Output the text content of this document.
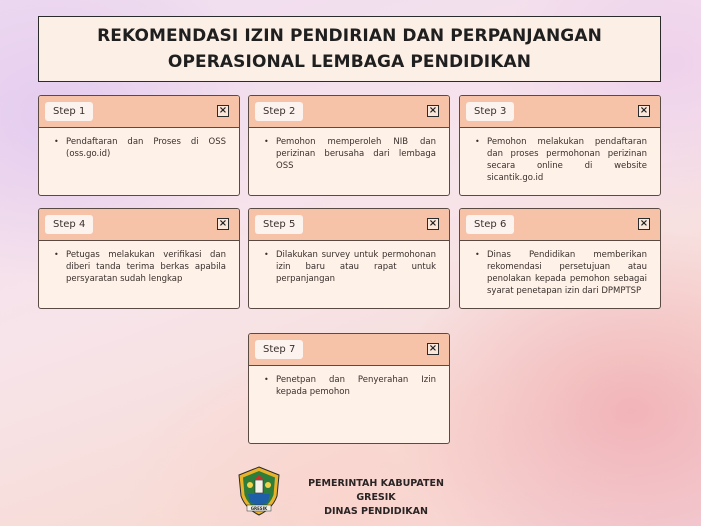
REKOMENDASI IZIN PENDIRIAN DAN PERPANJANGAN
OPERASIONAL LEMBAGA PENDIDIKAN
Step 1	×
• Pendaftaran dan Proses di OSS (oss.go.id)
Step 2	×
• Pemohon memperoleh NIB dan perizinan berusaha dari lembaga OSS
Step 3	×
• Pemohon melakukan pendaftaran dan proses permohonan perizinan secara online di website sicantik.go.id
Step 4	×
• Petugas melakukan verifikasi dan diberi tanda terima berkas apabila persyaratan sudah lengkap
Step 5	×
• Dilakukan survey untuk permohonan izin baru atau rapat untuk perpanjangan
Step 6	×
• Dinas Pendidikan memberikan rekomendasi persetujuan atau penolakan kepada pemohon sebagai syarat penetapan izin dari DPMPTSP
Step 7	×
• Penetpan dan Penyerahan Izin kepada pemohon
GRESIK
PEMERINTAH KABUPATEN GRESIK
DINAS PENDIDIKAN
